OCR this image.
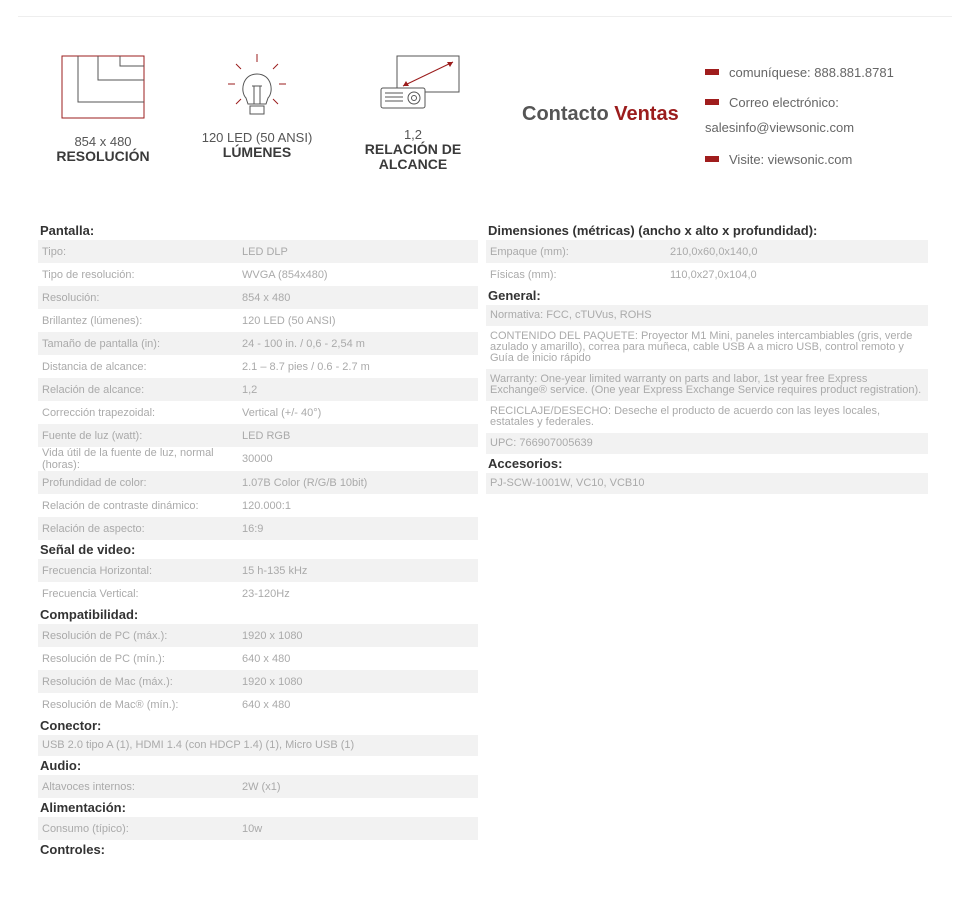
854 x 480
RESOLUCIÓN
120 LED (50 ANSI)
LÚMENES
1,2
RELACIÓN DE ALCANCE
Contacto Ventas
comuníquese: 888.881.8781
Correo electrónico:
salesinfo@viewsonic.com
Visite: viewsonic.com
Pantalla:
Tipo:	LED DLP
Tipo de resolución:	WVGA (854x480)
Resolución:	854 x 480
Brillantez (lúmenes):	120 LED (50 ANSI)
Tamaño de pantalla (in):	24 - 100 in. / 0,6 - 2,54 m
Distancia de alcance:	2.1 – 8.7 pies / 0.6 - 2.7 m
Relación de alcance:	1,2
Corrección trapezoidal:	Vertical (+/- 40°)
Fuente de luz (watt):	LED RGB
Vida útil de la fuente de luz, normal (horas):	30000
Profundidad de color:	1.07B Color (R/G/B 10bit)
Relación de contraste dinámico:	120.000:1
Relación de aspecto:	16:9
Señal de video:
Frecuencia Horizontal:	15 h-135 kHz
Frecuencia Vertical:	23-120Hz
Compatibilidad:
Resolución de PC (máx.):	1920 x 1080
Resolución de PC (mín.):	640 x 480
Resolución de Mac (máx.):	1920 x 1080
Resolución de Mac® (mín.):	640 x 480
Conector:
USB 2.0 tipo A (1), HDMI 1.4 (con HDCP 1.4) (1), Micro USB (1)
Audio:
Altavoces internos:	2W (x1)
Alimentación:
Consumo (típico):	10w
Controles:
Dimensiones (métricas) (ancho x alto x profundidad):
Empaque (mm):	210,0x60,0x140,0
Físicas (mm):	110,0x27,0x104,0
General:
Normativa: FCC, cTUVus, ROHS
CONTENIDO DEL PAQUETE: Proyector M1 Mini, paneles intercambiables (gris, verde azulado y amarillo), correa para muñeca, cable USB A a micro USB, control remoto y Guía de inicio rápido
Warranty: One-year limited warranty on parts and labor, 1st year free Express Exchange® service. (One year Express Exchange Service requires product registration).
RECICLAJE/DESECHO: Deseche el producto de acuerdo con las leyes locales, estatales y federales.
UPC: 766907005639
Accesorios:
PJ-SCW-1001W, VC10, VCB10
